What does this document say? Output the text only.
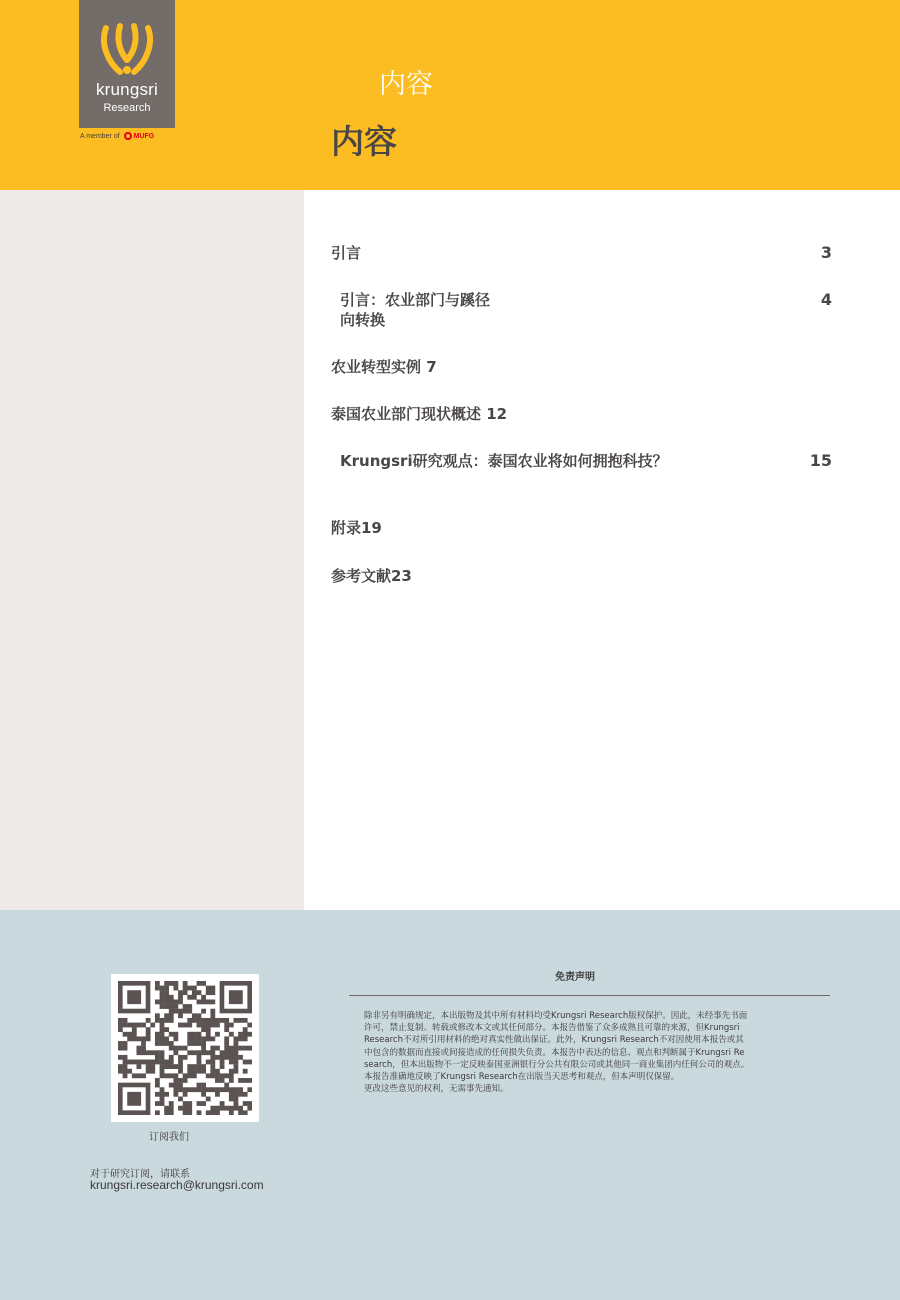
krungsri
Research
A member of MUFG
内容
内容
引言	3
引言：农业部门与蹊径
向转换
4
农业转型实例 7
泰国农业部门现状概述 12
Krungsri研究观点：泰国农业将如何拥抱科技？	15
附录19
参考文献23
订阅我们
对于研究订阅，请联系
krungsri.research@krungsri.com
免责声明
除非另有明确规定，本出版物及其中所有材料均受Krungsri Research版权保护。因此，未经事先书面
许可，禁止复制、转载或修改本文或其任何部分。本报告借鉴了众多成熟且可靠的来源，但Krungsri
Research不对所引用材料的绝对真实性做出保证。此外，Krungsri Research不对因使用本报告或其
中包含的数据而直接或间接造成的任何损失负责。本报告中表达的信息、观点和判断属于Krungsri Re
search，但本出版物不一定反映泰国亚洲银行分公共有限公司或其他同一商业集团内任何公司的观点。
本报告准确地反映了Krungsri Research在出版当天思考和观点，但本声明仅保留。
更改这些意见的权利，无需事先通知。
